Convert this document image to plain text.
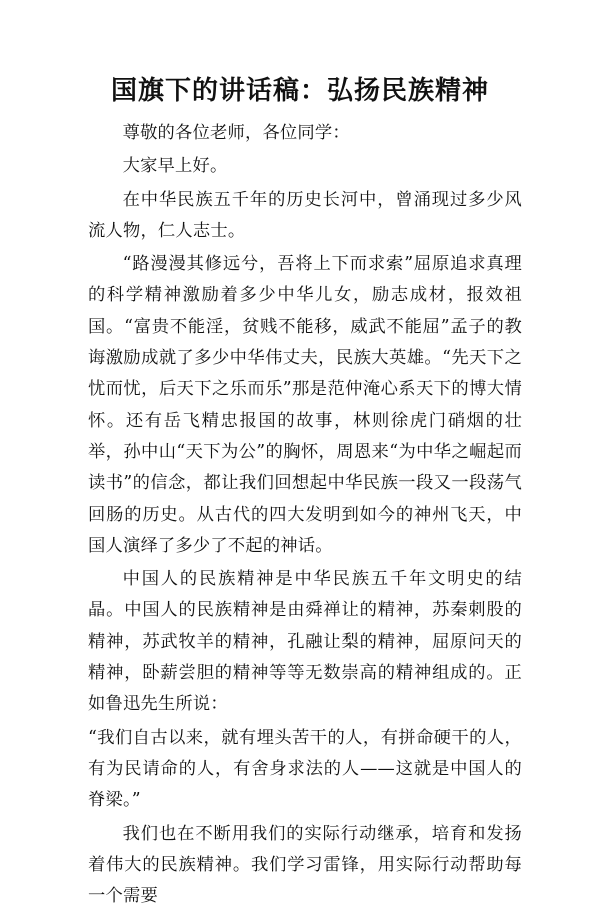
国旗下的讲话稿：弘扬民族精神

尊敬的各位老师，各位同学：

大家早上好。

在中华民族五千年的历史长河中，曾涌现过多少风流人物，仁人志士。

“路漫漫其修远兮，吾将上下而求索”屈原追求真理的科学精神激励着多少中华儿女，励志成材，报效祖国。“富贵不能淫，贫贱不能移，威武不能屈”孟子的教诲激励成就了多少中华伟丈夫，民族大英雄。“先天下之忧而忧，后天下之乐而乐”那是范仲淹心系天下的博大情怀。还有岳飞精忠报国的故事，林则徐虎门硝烟的壮举，孙中山“天下为公”的胸怀，周恩来“为中华之崛起而读书”的信念，都让我们回想起中华民族一段又一段荡气回肠的历史。从古代的四大发明到如今的神州飞天，中国人演绎了多少了不起的神话。

中国人的民族精神是中华民族五千年文明史的结晶。中国人的民族精神是由舜禅让的精神，苏秦刺股的精神，苏武牧羊的精神，孔融让梨的精神，屈原问天的精神，卧薪尝胆的精神等等无数崇高的精神组成的。正如鲁迅先生所说：

“我们自古以来，就有埋头苦干的人，有拼命硬干的人，有为民请命的人，有舍身求法的人——这就是中国人的脊梁。”

我们也在不断用我们的实际行动继承，培育和发扬着伟大的民族精神。我们学习雷锋，用实际行动帮助每一个需要
